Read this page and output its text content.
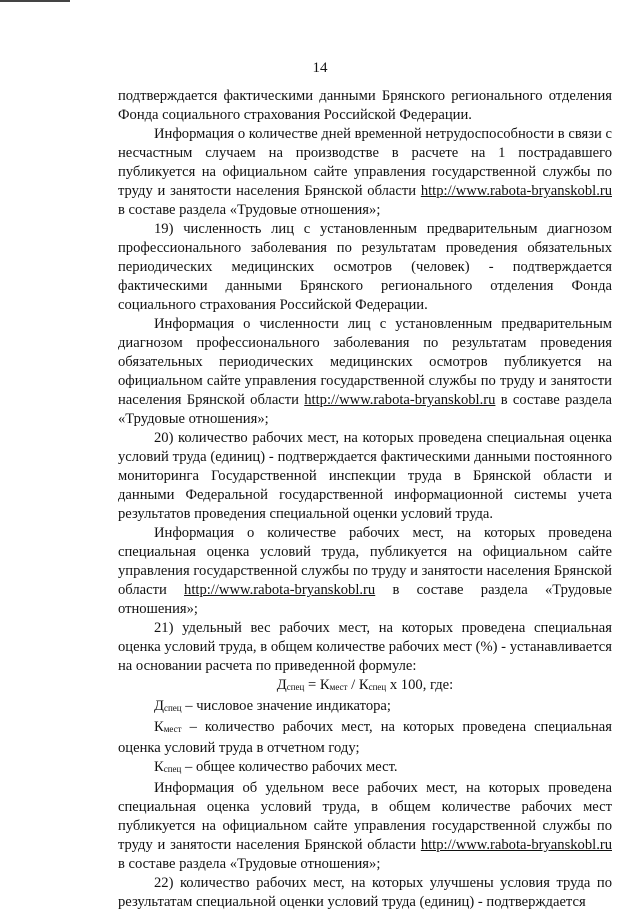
14

подтверждается фактическими данными Брянского регионального отделения Фонда социального страхования Российской Федерации.

Информация о количестве дней временной нетрудоспособности в связи с несчастным случаем на производстве в расчете на 1 пострадавшего публикуется на официальном сайте управления государственной службы по труду и занятости населения Брянской области http://www.rabota-bryanskobl.ru в составе раздела «Трудовые отношения»;

19) численность лиц с установленным предварительным диагнозом профессионального заболевания по результатам проведения обязательных периодических медицинских осмотров (человек) - подтверждается фактическими данными Брянского регионального отделения Фонда социального страхования Российской Федерации.

Информация о численности лиц с установленным предварительным диагнозом профессионального заболевания по результатам проведения обязательных периодических медицинских осмотров публикуется на официальном сайте управления государственной службы по труду и занятости населения Брянской области http://www.rabota-bryanskobl.ru в составе раздела «Трудовые отношения»;

20) количество рабочих мест, на которых проведена специальная оценка условий труда (единиц) - подтверждается фактическими данными постоянного мониторинга Государственной инспекции труда в Брянской области и данными Федеральной государственной информационной системы учета результатов проведения специальной оценки условий труда.

Информация о количестве рабочих мест, на которых проведена специальная оценка условий труда, публикуется на официальном сайте управления государственной службы по труду и занятости населения Брянской области http://www.rabota-bryanskobl.ru в составе раздела «Трудовые отношения»;

21) удельный вес рабочих мест, на которых проведена специальная оценка условий труда, в общем количестве рабочих мест (%) - устанавливается на основании расчета по приведенной формуле:

Дспец = Кмест / Кспец х 100, где:

Дспец – числовое значение индикатора;

Кмест – количество рабочих мест, на которых проведена специальная оценка условий труда в отчетном году;

Кспец – общее количество рабочих мест.

Информация об удельном весе рабочих мест, на которых проведена специальная оценка условий труда, в общем количестве рабочих мест публикуется на официальном сайте управления государственной службы по труду и занятости населения Брянской области http://www.rabota-bryanskobl.ru в составе раздела «Трудовые отношения»;

22) количество рабочих мест, на которых улучшены условия труда по результатам специальной оценки условий труда (единиц) - подтверждается
